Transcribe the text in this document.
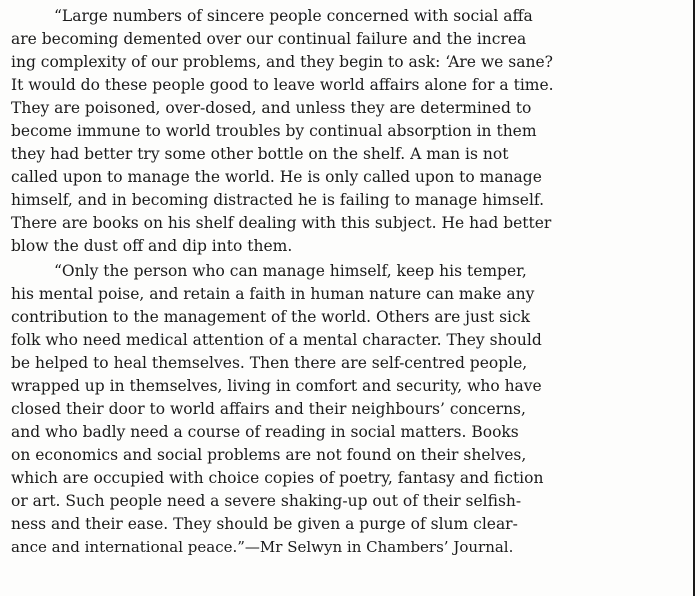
“Large numbers of sincere people concerned with social affa
are becoming demented over our continual failure and the increa
ing complexity of our problems, and they begin to ask: ‘Are we sane?
It would do these people good to leave world affairs alone for a time.
They are poisoned, over-dosed, and unless they are determined to
become immune to world troubles by continual absorption in them
they had better try some other bottle on the shelf. A man is not
called upon to manage the world. He is only called upon to manage
himself, and in becoming distracted he is failing to manage himself.
There are books on his shelf dealing with this subject. He had better
blow the dust off and dip into them.
“Only the person who can manage himself, keep his temper,
his mental poise, and retain a faith in human nature can make any
contribution to the management of the world. Others are just sick
folk who need medical attention of a mental character. They should
be helped to heal themselves. Then there are self-centred people,
wrapped up in themselves, living in comfort and security, who have
closed their door to world affairs and their neighbours’ concerns,
and who badly need a course of reading in social matters. Books
on economics and social problems are not found on their shelves,
which are occupied with choice copies of poetry, fantasy and fiction
or art. Such people need a severe shaking-up out of their selfish-
ness and their ease. They should be given a purge of slum clear-
ance and international peace.”—Mr Selwyn in Chambers’ Journal.
